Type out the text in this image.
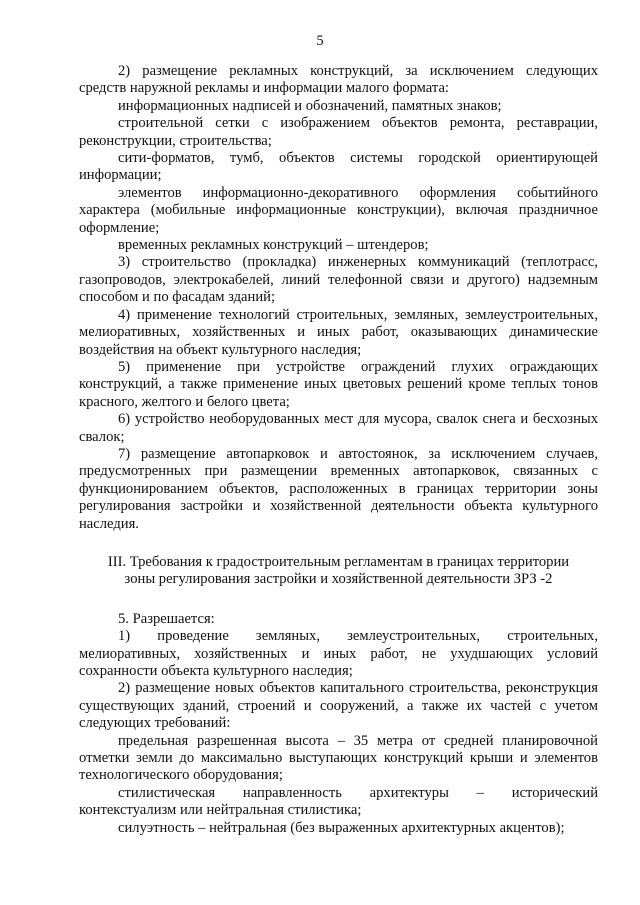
5

2) размещение рекламных конструкций, за исключением следующих средств наружной рекламы и информации малого формата:

информационных надписей и обозначений, памятных знаков;

строительной сетки с изображением объектов ремонта, реставрации, реконструкции, строительства;

сити-форматов, тумб, объектов системы городской ориентирующей информации;

элементов информационно-декоративного оформления событийного характера (мобильные информационные конструкции), включая праздничное оформление;

временных рекламных конструкций – штендеров;

3) строительство (прокладка) инженерных коммуникаций (теплотрасс, газопроводов, электрокабелей, линий телефонной связи и другого) надземным способом и по фасадам зданий;

4) применение технологий строительных, земляных, землеустроительных, мелиоративных, хозяйственных и иных работ, оказывающих динамические воздействия на объект культурного наследия;

5) применение при устройстве ограждений глухих ограждающих конструкций, а также применение иных цветовых решений кроме теплых тонов красного, желтого и белого цвета;

6) устройство необорудованных мест для мусора, свалок снега и бесхозных свалок;

7) размещение автопарковок и автостоянок, за исключением случаев, предусмотренных при размещении временных автопарковок, связанных с функционированием объектов, расположенных в границах территории зоны регулирования застройки и хозяйственной деятельности объекта культурного наследия.

III. Требования к градостроительным регламентам в границах территории
зоны регулирования застройки и хозяйственной деятельности ЗРЗ -2

5. Разрешается:

1) проведение земляных, землеустроительных, строительных, мелиоративных, хозяйственных и иных работ, не ухудшающих условий сохранности объекта культурного наследия;

2) размещение новых объектов капитального строительства, реконструкция существующих зданий, строений и сооружений, а также их частей с учетом следующих требований:

предельная разрешенная высота – 35 метра от средней планировочной отметки земли до максимально выступающих конструкций крыши и элементов технологического оборудования;

стилистическая направленность архитектуры – исторический контекстуализм или нейтральная стилистика;

силуэтность – нейтральная (без выраженных архитектурных акцентов);
